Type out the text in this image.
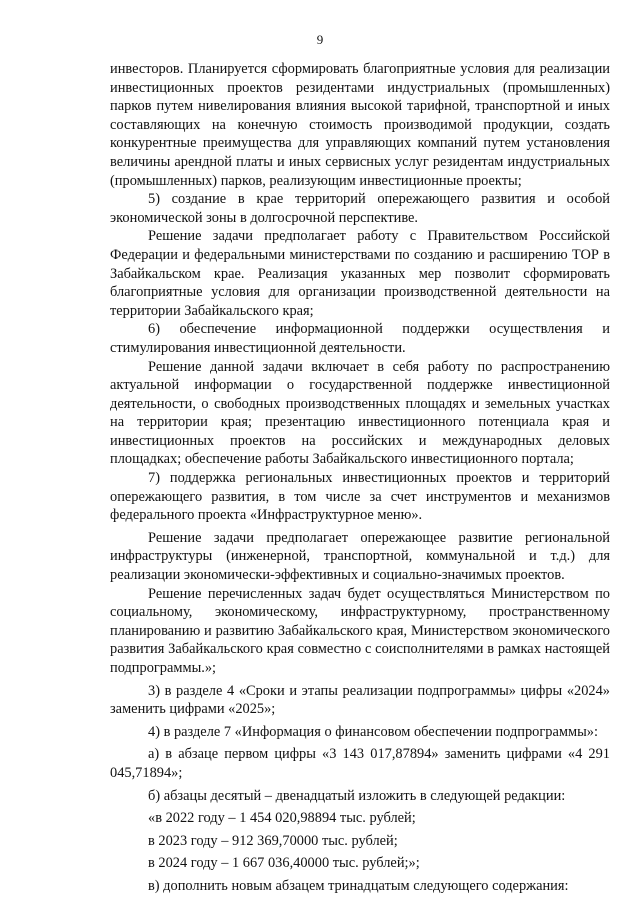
9

инвесторов. Планируется сформировать благоприятные условия для реализации инвестиционных проектов резидентами индустриальных (промышленных) парков путем нивелирования влияния высокой тарифной, транспортной и иных составляющих на конечную стоимость производимой продукции, создать конкурентные преимущества для управляющих компаний путем установления величины арендной платы и иных сервисных услуг резидентам индустриальных (промышленных) парков, реализующим инвестиционные проекты;

5) создание в крае территорий опережающего развития и особой экономической зоны в долгосрочной перспективе.

Решение задачи предполагает работу с Правительством Российской Федерации и федеральными министерствами по созданию и расширению ТОР в Забайкальском крае. Реализация указанных мер позволит сформировать благоприятные условия для организации производственной деятельности на территории Забайкальского края;

6) обеспечение информационной поддержки осуществления и стимулирования инвестиционной деятельности.

Решение данной задачи включает в себя работу по распространению актуальной информации о государственной поддержке инвестиционной деятельности, о свободных производственных площадях и земельных участках на территории края; презентацию инвестиционного потенциала края и инвестиционных проектов на российских и международных деловых площадках; обеспечение работы Забайкальского инвестиционного портала;

7) поддержка региональных инвестиционных проектов и территорий опережающего развития, в том числе за счет инструментов и механизмов федерального проекта «Инфраструктурное меню».

Решение задачи предполагает опережающее развитие региональной инфраструктуры (инженерной, транспортной, коммунальной и т.д.) для реализации экономически-эффективных и социально-значимых проектов.

Решение перечисленных задач будет осуществляться Министерством по социальному, экономическому, инфраструктурному, пространственному планированию и развитию Забайкальского края, Министерством экономического развития Забайкальского края совместно с соисполнителями в рамках настоящей подпрограммы.»;

3) в разделе 4 «Сроки и этапы реализации подпрограммы» цифры «2024» заменить цифрами «2025»;

4) в разделе 7 «Информация о финансовом обеспечении подпрограммы»:

а) в абзаце первом цифры «3 143 017,87894» заменить цифрами «4 291 045,71894»;

б) абзацы десятый – двенадцатый изложить в следующей редакции:

«в 2022 году – 1 454 020,98894 тыс. рублей;

в 2023 году – 912 369,70000 тыс. рублей;

в 2024 году – 1 667 036,40000 тыс. рублей;»;

в) дополнить новым абзацем тринадцатым следующего содержания:
